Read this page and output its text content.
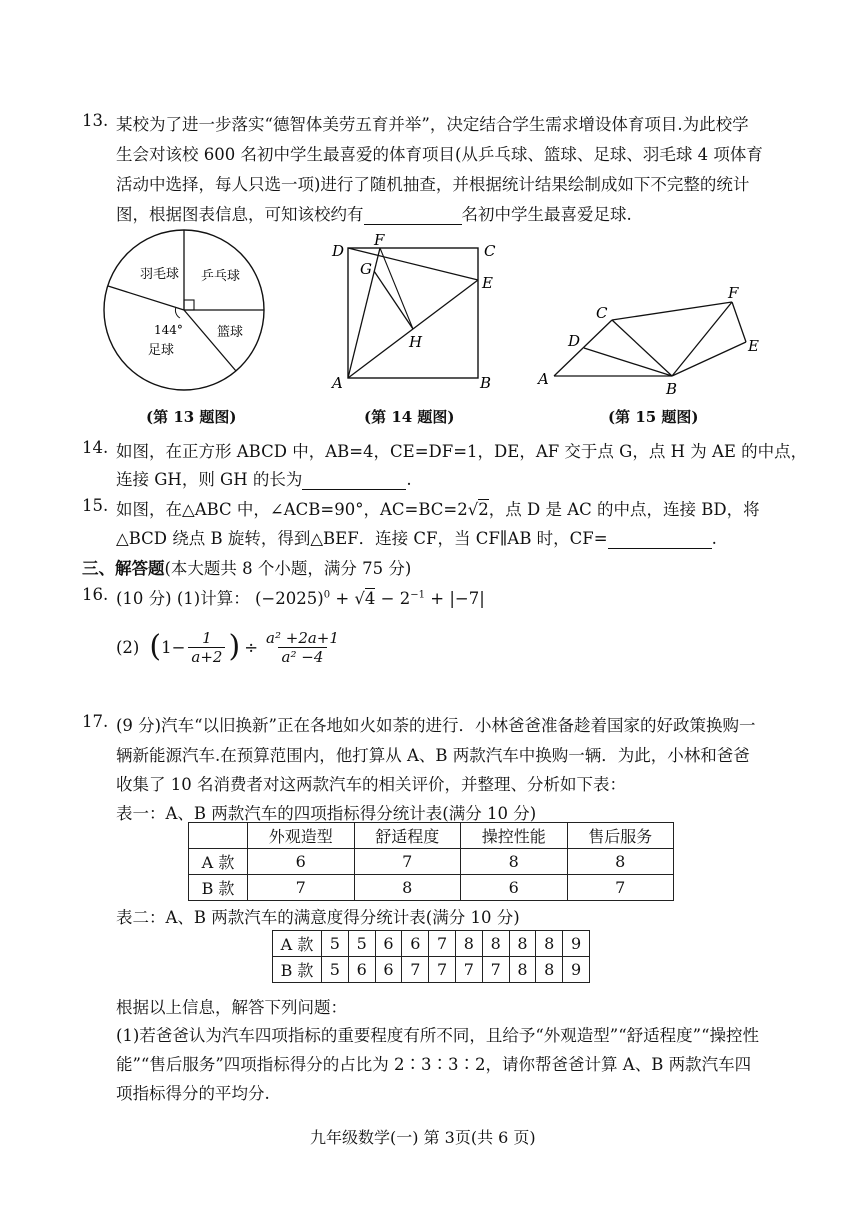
13. 某校为了进一步落实“德智体美劳五育并举”，决定结合学生需求增设体育项目.为此校学
生会对该校 600 名初中学生最喜爱的体育项目(从乒乓球、篮球、足球、羽毛球 4 项体育
活动中选择，每人只选一项)进行了随机抽查，并根据统计结果绘制成如下不完整的统计
图，根据图表信息，可知该校约有	名初中学生最喜爱足球.
羽毛球 乒乓球
篮球
144°
足球
(第 13 题图)
D
F
C
G
E
H
A	B
(第 14 题图)
C
F
D	E
A
B
(第 15 题图)
14. 如图，在正方形 ABCD 中，AB=4，CE=DF=1，DE，AF 交于点 G，点 H 为 AE 的中点，
连接 GH，则 GH 的长为	.
15. 如图，在△ABC 中，∠ACB=90°，AC=BC=2√2，点 D 是 AC 的中点，连接 BD，将
△BCD 绕点 B 旋转，得到△BEF．连接 CF，当 CF∥AB 时，CF=	.
三、解答题(本大题共 8 个小题，满分 75 分)
16. (10 分) (1)计算： $(-2025)^0 + √4 - 2^{-1} + |-7|$
(2) ( $1- \frac{1}{a+2}$ ) ÷ $\frac{\text{a² +2a+1}}{\text{a² −4}}$
17. (9 分)汽车“以旧换新”正在各地如火如荼的进行．小林爸爸准备趁着国家的好政策换购一
辆新能源汽车.在预算范围内，他打算从 A、B 两款汽车中换购一辆．为此，小林和爸爸
收集了 10 名消费者对这两款汽车的相关评价，并整理、分析如下表：
表一：A、B 两款汽车的四项指标得分统计表(满分 10 分)
	外观造型	舒适程度	操控性能	售后服务
A 款	6	7	8	8
B 款	7	8	6	7
表二：A、B 两款汽车的满意度得分统计表(满分 10 分)
A 款	5	5	6	6	7	8	8	8	8	9
B 款	5	6	6	7	7	7	7	8	8	9
根据以上信息，解答下列问题：
(1)若爸爸认为汽车四项指标的重要程度有所不同，且给予“外观造型”“舒适程度”“操控性
能”“售后服务”四项指标得分的占比为 2∶3∶3∶2，请你帮爸爸计算 A、B 两款汽车四
项指标得分的平均分.
九年级数学(一) 第 3页(共 6 页)
